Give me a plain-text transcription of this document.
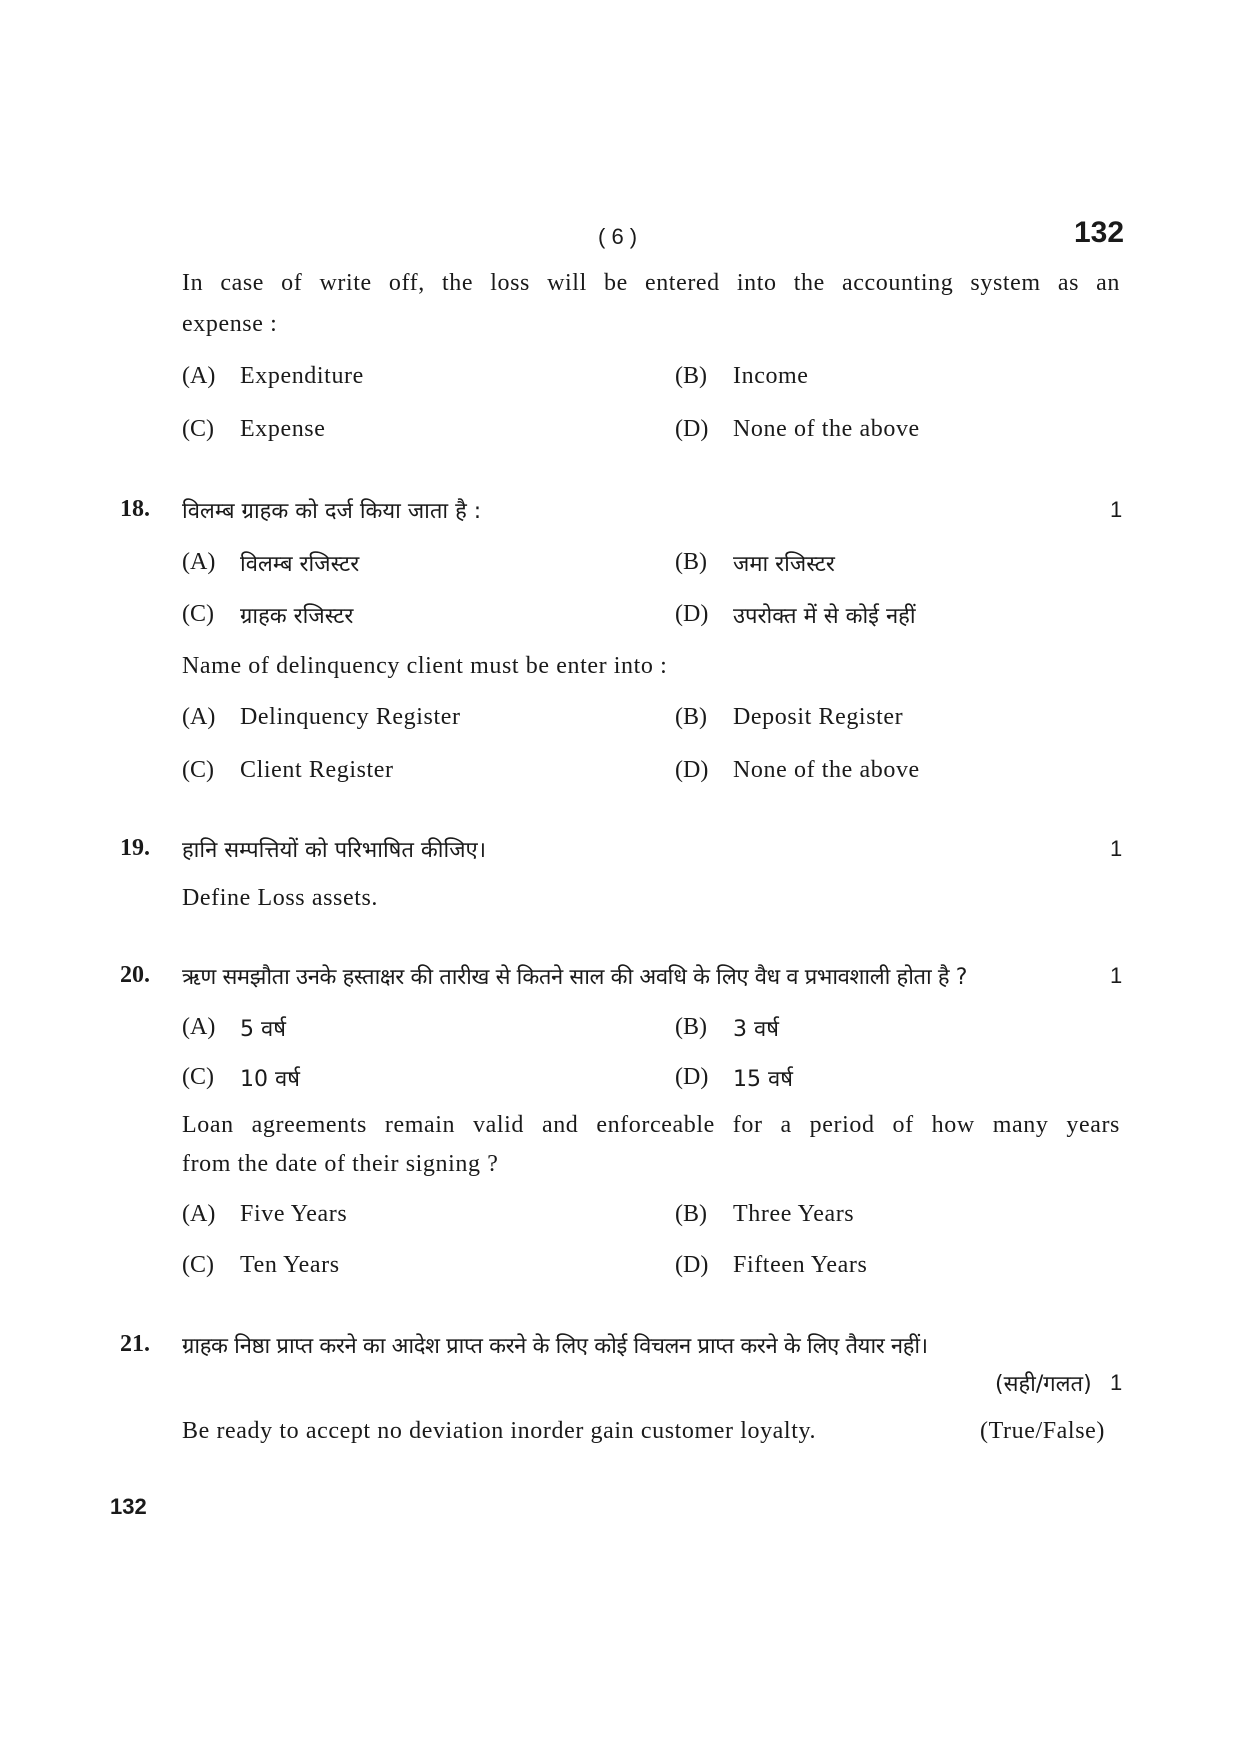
( 6 )	132
In case of write off, the loss will be entered into the accounting system as an
expense :
(A) Expenditure	(B) Income
(C) Expense	(D) None of the above
18. विलम्ब ग्राहक को दर्ज किया जाता है :	1
(A) विलम्ब रजिस्टर	(B) जमा रजिस्टर
(C) ग्राहक रजिस्टर	(D) उपरोक्त में से कोई नहीं
Name of delinquency client must be enter into :
(A) Delinquency Register	(B) Deposit Register
(C) Client Register	(D) None of the above
19. हानि सम्पत्तियों को परिभाषित कीजिए।	1
Define Loss assets.
20. ऋण समझौता उनके हस्ताक्षर की तारीख से कितने साल की अवधि के लिए वैध व प्रभावशाली होता है ?	1
(A) 5 वर्ष	(B) 3 वर्ष
(C) 10 वर्ष	(D) 15 वर्ष
Loan agreements remain valid and enforceable for a period of how many years
from the date of their signing ?
(A) Five Years	(B) Three Years
(C) Ten Years	(D) Fifteen Years
21. ग्राहक निष्ठा प्राप्त करने का आदेश प्राप्त करने के लिए कोई विचलन प्राप्त करने के लिए तैयार नहीं।
(सही/गलत) 1
Be ready to accept no deviation inorder gain customer loyalty.	(True/False)
132
